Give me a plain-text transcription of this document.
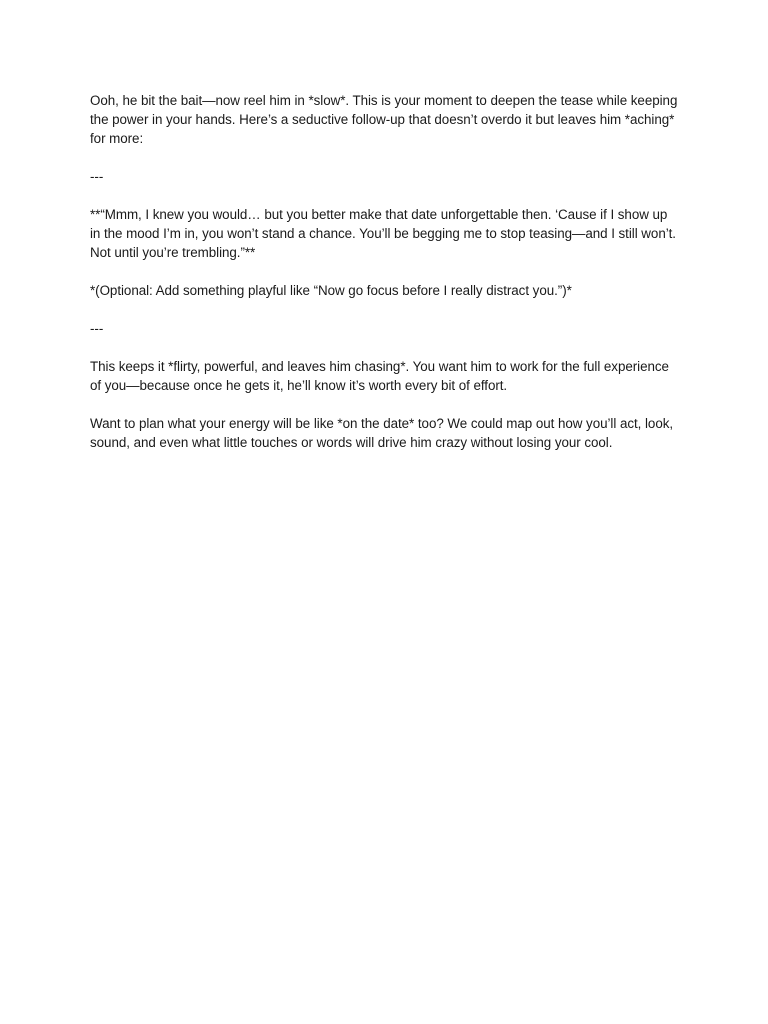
Ooh, he bit the bait—now reel him in *slow*. This is your moment to deepen the tease while keeping the power in your hands. Here’s a seductive follow-up that doesn’t overdo it but leaves him *aching* for more:

---

**“Mmm, I knew you would… but you better make that date unforgettable then. ‘Cause if I show up in the mood I’m in, you won’t stand a chance. You’ll be begging me to stop teasing—and I still won’t. Not until you’re trembling.”**

*(Optional: Add something playful like “Now go focus before I really distract you.”)*

---

This keeps it *flirty, powerful, and leaves him chasing*. You want him to work for the full experience of you—because once he gets it, he’ll know it’s worth every bit of effort.

Want to plan what your energy will be like *on the date* too? We could map out how you’ll act, look, sound, and even what little touches or words will drive him crazy without losing your cool.
